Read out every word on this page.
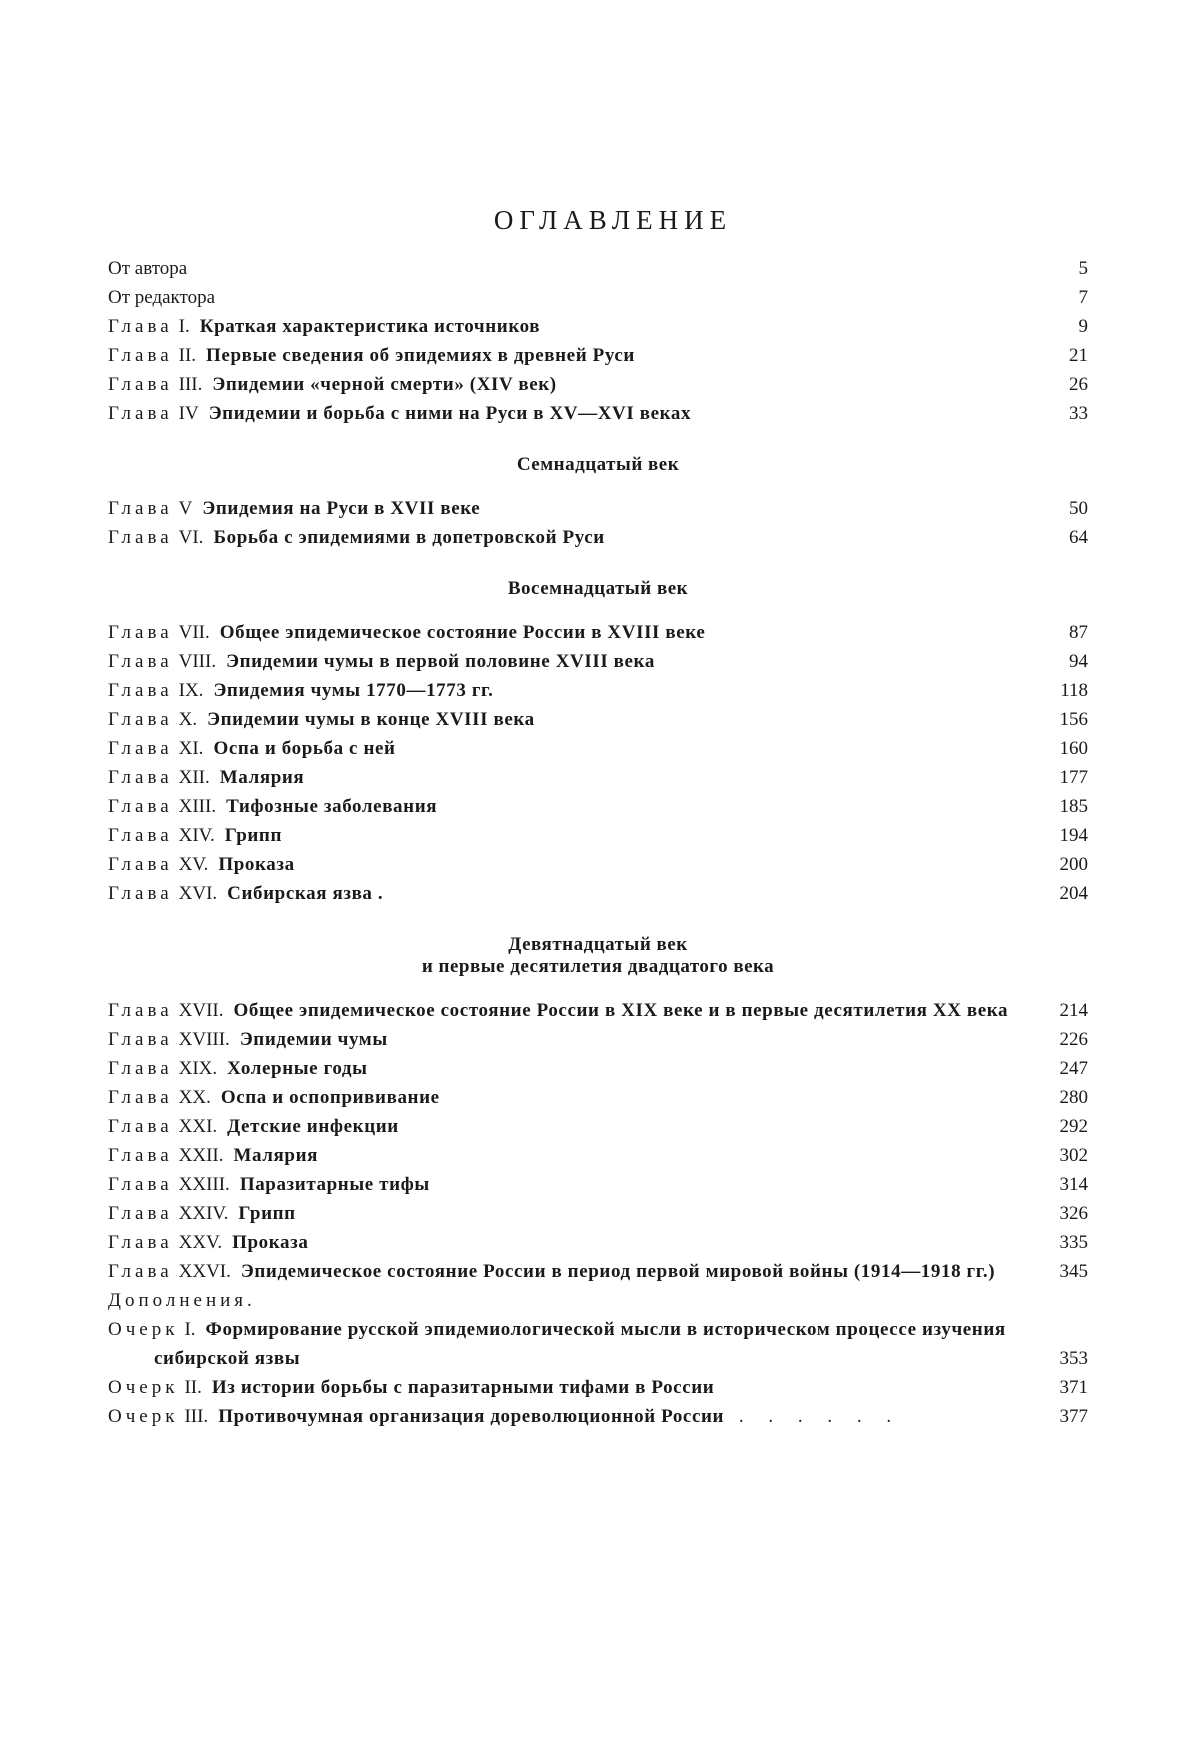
ОГЛАВЛЕНИЕ
От автора	5
От редактора	7
Глава I. Краткая характеристика источников	9
Глава II. Первые сведения об эпидемиях в древней Руси	21
Глава III. Эпидемии «черной смерти» (XIV век)	26
Глава IV Эпидемии и борьба с ними на Руси в XV—XVI веках	33
Семнадцатый век
Глава V Эпидемия на Руси в XVII веке	50
Глава VI. Борьба с эпидемиями в допетровской Руси	64
Восемнадцатый век
Глава VII. Общее эпидемическое состояние России в XVIII веке	87
Глава VIII. Эпидемии чумы в первой половине XVIII века	94
Глава IX. Эпидемия чумы 1770—1773 гг.	118
Глава X. Эпидемии чумы в конце XVIII века	156
Глава XI. Оспа и борьба с ней	160
Глава XII. Малярия	177
Глава XIII. Тифозные заболевания	185
Глава XIV. Грипп	194
Глава XV. Проказа	200
Глава XVI. Сибирская язва .	204
Девятнадцатый век
и первые десятилетия двадцатого века
Глава XVII. Общее эпидемическое состояние России в XIX веке и в первые десятилетия XX века	214
Глава XVIII. Эпидемии чумы	226
Глава XIX. Холерные годы	247
Глава XX. Оспа и оспопрививание	280
Глава XXI. Детские инфекции	292
Глава XXII. Малярия	302
Глава XXIII. Паразитарные тифы	314
Глава XXIV. Грипп	326
Глава XXV. Проказа	335
Глава XXVI. Эпидемическое состояние России в период первой мировой войны (1914—1918 гг.)	345
Дополнения.
Очерк I. Формирование русской эпидемиологической мысли в историческом процессе изучения сибирской язвы	353
Очерк II. Из истории борьбы с паразитарными тифами в России	371
Очерк III. Противочумная организация дореволюционной России . . . . . .	377
